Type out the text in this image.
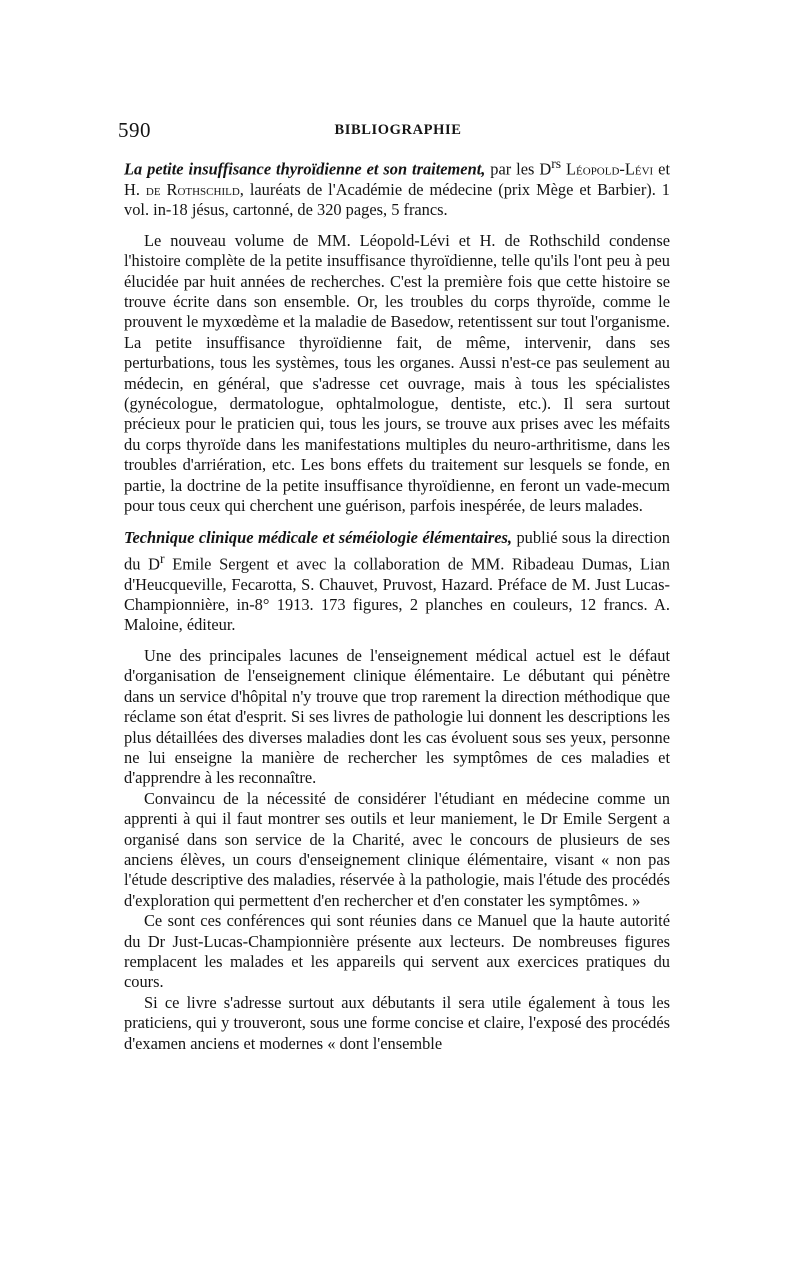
590	BIBLIOGRAPHIE

La petite insuffisance thyroïdienne et son traitement, par les $D^{rs}$ Léopold-Lévi et H. de Rothschild, lauréats de l'Académie de médecine (prix Mège et Barbier). 1 vol. in-18 jésus, cartonné, de 320 pages, 5 francs.

Le nouveau volume de MM. Léopold-Lévi et H. de Rothschild condense l'histoire complète de la petite insuffisance thyroïdienne, telle qu'ils l'ont peu à peu élucidée par huit années de recherches. C'est la première fois que cette histoire se trouve écrite dans son ensemble. Or, les troubles du corps thyroïde, comme le prouvent le myxœdème et la maladie de Basedow, retentissent sur tout l'organisme. La petite insuffisance thyroïdienne fait, de même, intervenir, dans ses perturbations, tous les systèmes, tous les organes. Aussi n'est-ce pas seulement au médecin, en général, que s'adresse cet ouvrage, mais à tous les spécialistes (gynécologue, dermatologue, ophtalmologue, dentiste, etc.). Il sera surtout précieux pour le praticien qui, tous les jours, se trouve aux prises avec les méfaits du corps thyroïde dans les manifestations multiples du neuro-arthritisme, dans les troubles d'arriération, etc. Les bons effets du traitement sur lesquels se fonde, en partie, la doctrine de la petite insuffisance thyroïdienne, en feront un vade-mecum pour tous ceux qui cherchent une guérison, parfois inespérée, de leurs malades.

Technique clinique médicale et séméiologie élémentaires, publié sous la direction du $D^r$ Emile Sergent et avec la collaboration de MM. Ribadeau Dumas, Lian d'Heucqueville, Fecarotta, S. Chauvet, Pruvost, Hazard. Préface de M. Just Lucas-Championnière, in-8° 1913. 173 figures, 2 planches en couleurs, 12 francs. A. Maloine, éditeur.

Une des principales lacunes de l'enseignement médical actuel est le défaut d'organisation de l'enseignement clinique élémentaire. Le débutant qui pénètre dans un service d'hôpital n'y trouve que trop rarement la direction méthodique que réclame son état d'esprit. Si ses livres de pathologie lui donnent les descriptions les plus détaillées des diverses maladies dont les cas évoluent sous ses yeux, personne ne lui enseigne la manière de rechercher les symptômes de ces maladies et d'apprendre à les reconnaître.

Convaincu de la nécessité de considérer l'étudiant en médecine comme un apprenti à qui il faut montrer ses outils et leur maniement, le Dr Emile Sergent a organisé dans son service de la Charité, avec le concours de plusieurs de ses anciens élèves, un cours d'enseignement clinique élémentaire, visant « non pas l'étude descriptive des maladies, réservée à la pathologie, mais l'étude des procédés d'exploration qui permettent d'en rechercher et d'en constater les symptômes. »

Ce sont ces conférences qui sont réunies dans ce Manuel que la haute autorité du Dr Just-Lucas-Championnière présente aux lecteurs. De nombreuses figures remplacent les malades et les appareils qui servent aux exercices pratiques du cours.

Si ce livre s'adresse surtout aux débutants il sera utile également à tous les praticiens, qui y trouveront, sous une forme concise et claire, l'exposé des procédés d'examen anciens et modernes « dont l'ensemble
